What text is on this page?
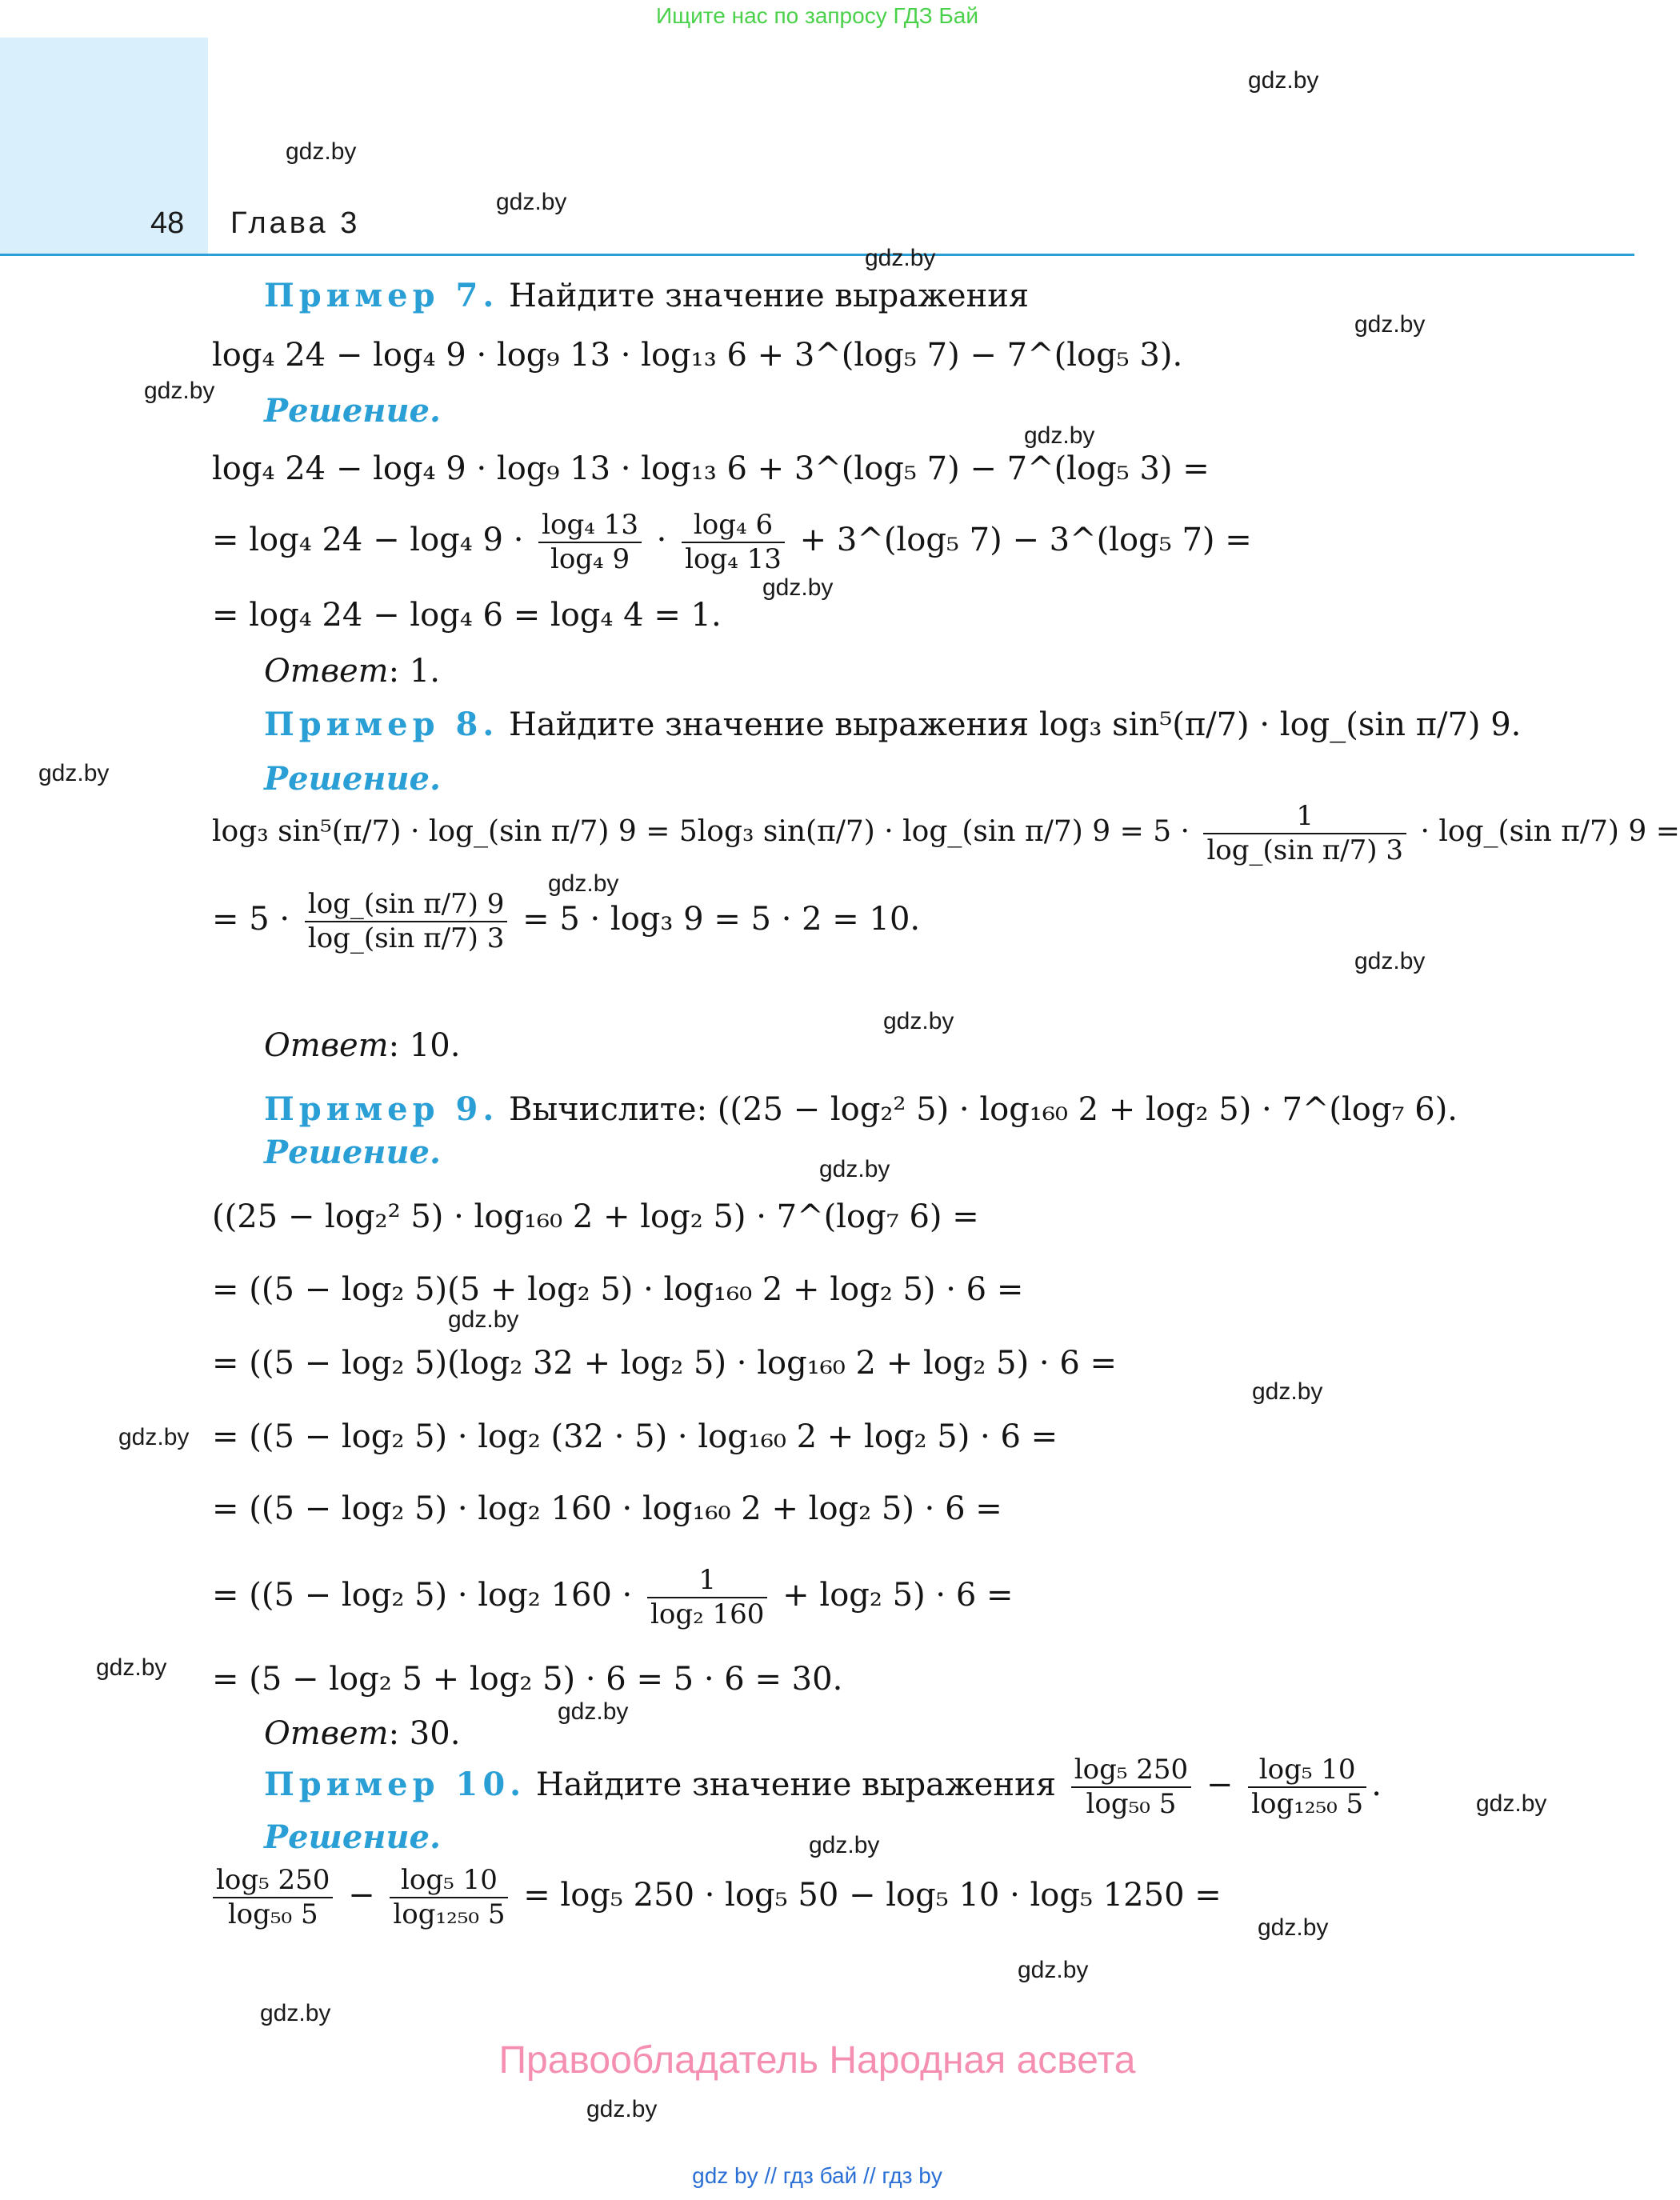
Ищите нас по запросу ГДЗ Бай
48 Глава 3
gdz.by
gdz.by
gdz.by
gdz.by
gdz.by
gdz.by
gdz.by
gdz.by
gdz.by
gdz.by
gdz.by
gdz.by
gdz.by
gdz.by
gdz.by
gdz.by
gdz.by
gdz.by
gdz.by
gdz.by
gdz.by
gdz.by
gdz.by
gdz.by
Пример 7. Найдите значение выражения
log₄ 24 − log₄ 9 · log₉ 13 · log₁₃ 6 + 3^(log₅ 7) − 7^(log₅ 3).
Решение.
log₄ 24 − log₄ 9 · log₉ 13 · log₁₃ 6 + 3^(log₅ 7) − 7^(log₅ 3) =
= log₄ 24 − log₄ $9 \cdot \frac{\text{log₄ 13}}{\text{log₄ 9}} \cdot \frac{\text{log₄ 6}}{\text{log₄ 13}}$ + 3^(log₅ 7) − 3^(log₅ 7) =
= log₄ 24 − log₄ 6 = log₄ 4 = 1.
Ответ: 1.
Пример 8. Найдите значение выражения log₃ sin⁵(π/7) · log_(sin π/7) 9.
Решение.
log₃ sin⁵(π/7) · log_(sin π/7) 9 = 5log₃ sin(π/7) · log_(sin π/7) $9 = 5 \cdot \frac{1}{\text{log\_(sin π/7) 3}}$ · log_(sin π/7) 9 =
= $5 \cdot \frac{\text{log\_(sin π/7) 9}}{\text{log\_(sin π/7) 3}} = 5 \cdot \log_3$ 9 = 5 · 2 = 10.
Ответ: 10.
Пример 9. Вычислите: ((25 − log₂² 5) · log₁₆₀ 2 + log₂ 5) · 7^(log₇ 6).
Решение.
((25 − log₂² 5) · log₁₆₀ 2 + log₂ 5) · 7^(log₇ 6) =
= ((5 − log₂ 5)(5 + log₂ 5) · log₁₆₀ 2 + log₂ 5) · 6 =
= ((5 − log₂ 5)(log₂ 32 + log₂ 5) · log₁₆₀ 2 + log₂ 5) · 6 =
= ((5 − log₂ 5) · log₂ (32 · 5) · log₁₆₀ 2 + log₂ 5) · 6 =
= ((5 − log₂ 5) · log₂ 160 · log₁₆₀ 2 + log₂ 5) · 6 =
= ((5 − log₂ 5) · log₂ $160 \cdot \frac{1}{\text{log₂ 160}} + \log_2$ 5) · 6 =
= (5 − log₂ 5 + log₂ 5) · 6 = 5 · 6 = 30.
Ответ: 30.
Пример 10. Найдите значение выражения $\frac{\text{log₅ 250}}{\text{log₅₀ 5}} - \frac{\text{log₅ 10}}{\text{log₁₂₅₀ 5}}$ .
Решение.
$\frac{\text{log₅ 250}}{\text{log₅₀ 5}} - \frac{\text{log₅ 10}}{\text{log₁₂₅₀ 5}} = \log_5$ 250 · log₅ 50 − log₅ 10 · log₅ 1250 =
Правообладатель Народная асвета
gdz by // гдз бай // гдз by
